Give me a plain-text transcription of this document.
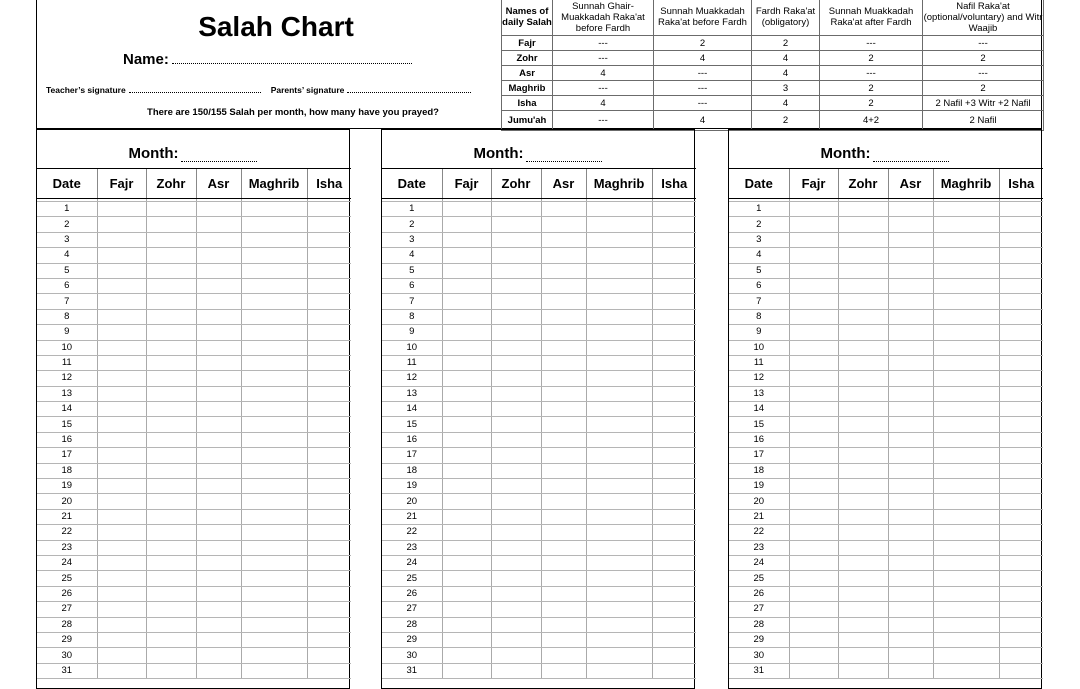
Salah Chart
Name:
Teacher’s signature	Parents’ signature
There are 150/155 Salah per month, how many have you prayed?
Names of daily Salah	Sunnah Ghair-Muakkadah Raka'at before Fardh	Sunnah Muakkadah Raka'at before Fardh	Fardh Raka'at (obligatory)	Sunnah Muakkadah Raka'at after Fardh	Nafil Raka'at (optional/voluntary) and Witr Waajib
Fajr	---	2	2	---	---
Zohr	---	4	4	2	2
Asr	4	---	4	---	---
Maghrib	---	---	3	2	2
Isha	4	---	4	2	2 Nafil +3 Witr +2 Nafil
Jumu'ah	---	4	2	4+2	2 Nafil
Month:
Date	Fajr	Zohr	Asr	Maghrib	Isha

1					
2					
3					
4					
5					
6					
7					
8					
9					
10					
11					
12					
13					
14					
15					
16					
17					
18					
19					
20					
21					
22					
23					
24					
25					
26					
27					
28					
29					
30					
31					
Month:
Date	Fajr	Zohr	Asr	Maghrib	Isha

1					
2					
3					
4					
5					
6					
7					
8					
9					
10					
11					
12					
13					
14					
15					
16					
17					
18					
19					
20					
21					
22					
23					
24					
25					
26					
27					
28					
29					
30					
31					
Month:
Date	Fajr	Zohr	Asr	Maghrib	Isha

1					
2					
3					
4					
5					
6					
7					
8					
9					
10					
11					
12					
13					
14					
15					
16					
17					
18					
19					
20					
21					
22					
23					
24					
25					
26					
27					
28					
29					
30					
31					
